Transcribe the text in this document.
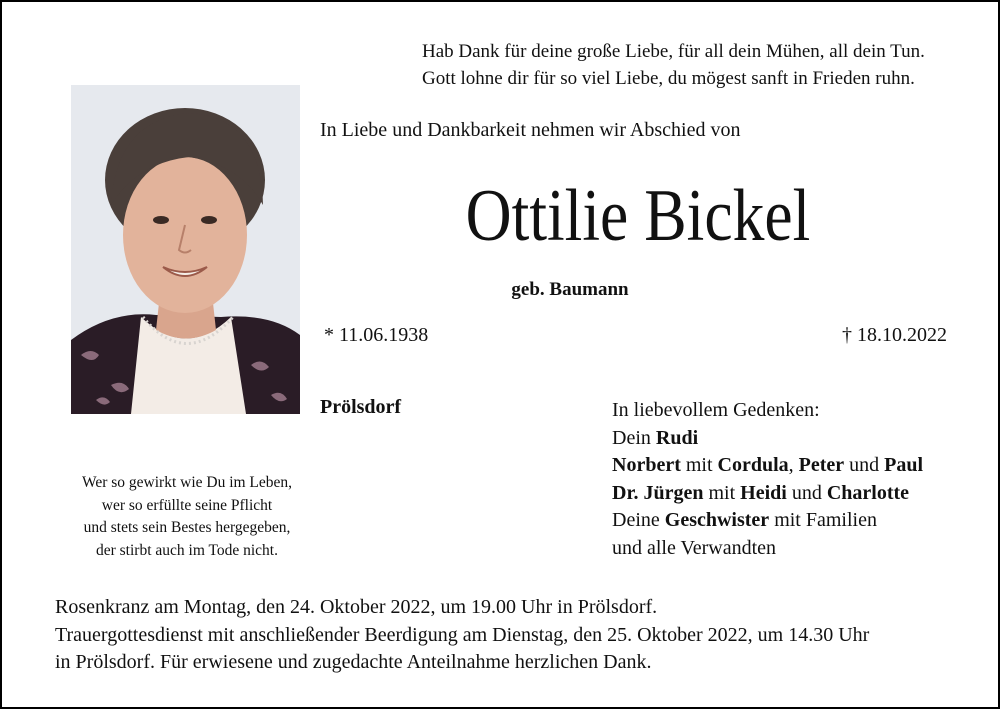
Hab Dank für deine große Liebe, für all dein Mühen, all dein Tun.
Gott lohne dir für so viel Liebe, du mögest sanft in Frieden ruhn.
In Liebe und Dankbarkeit nehmen wir Abschied von
Ottilie Bickel
geb. Baumann
* 11.06.1938	† 18.10.2022
Prölsdorf	In liebevollem Gedenken:
Dein Rudi
Norbert mit Cordula, Peter und Paul
Dr. Jürgen mit Heidi und Charlotte
Deine Geschwister mit Familien
und alle Verwandten
Wer so gewirkt wie Du im Leben,
wer so erfüllte seine Pflicht
und stets sein Bestes hergegeben,
der stirbt auch im Tode nicht.
Rosenkranz am Montag, den 24. Oktober 2022, um 19.00 Uhr in Prölsdorf.
Trauergottesdienst mit anschließender Beerdigung am Dienstag, den 25. Oktober 2022, um 14.30 Uhr
in Prölsdorf. Für erwiesene und zugedachte Anteilnahme herzlichen Dank.
